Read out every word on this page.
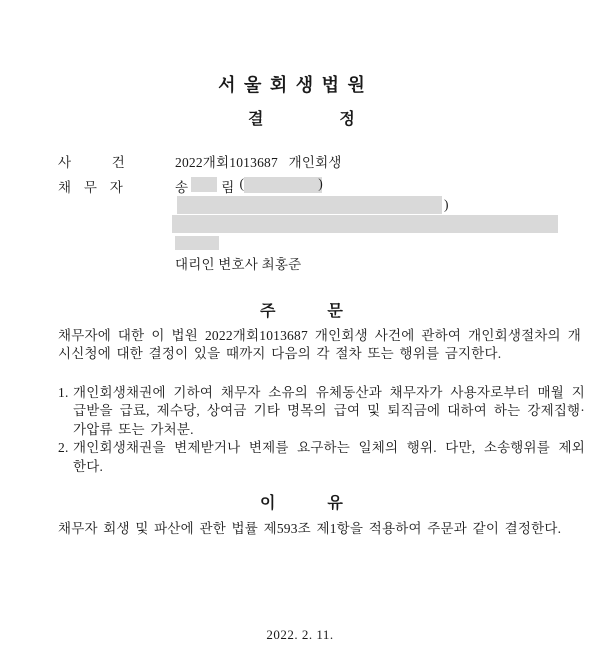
서 울 회 생 법 원
결	정
사	건	2022개회1013687   개인회생
채 무 자	송 림 (	)
)
대리인 변호사 최홍준
주	문
채무자에 대한 이 법원 2022개회1013687 개인회생 사건에 관하여 개인회생절차의 개
시신청에 대한 결정이 있을 때까지 다음의 각 절차 또는 행위를 금지한다.
1. 개인회생채권에 기하여 채무자 소유의 유체동산과 채무자가 사용자로부터 매월 지
급받을 급료, 제수당, 상여금 기타 명목의 급여 및 퇴직금에 대하여 하는 강제집행·
가압류 또는 가처분.
2. 개인회생채권을 변제받거나 변제를 요구하는 일체의 행위. 다만, 소송행위를 제외
한다.
이	유
채무자 회생 및 파산에 관한 법률 제593조 제1항을 적용하여 주문과 같이 결정한다.
2022. 2. 11.
